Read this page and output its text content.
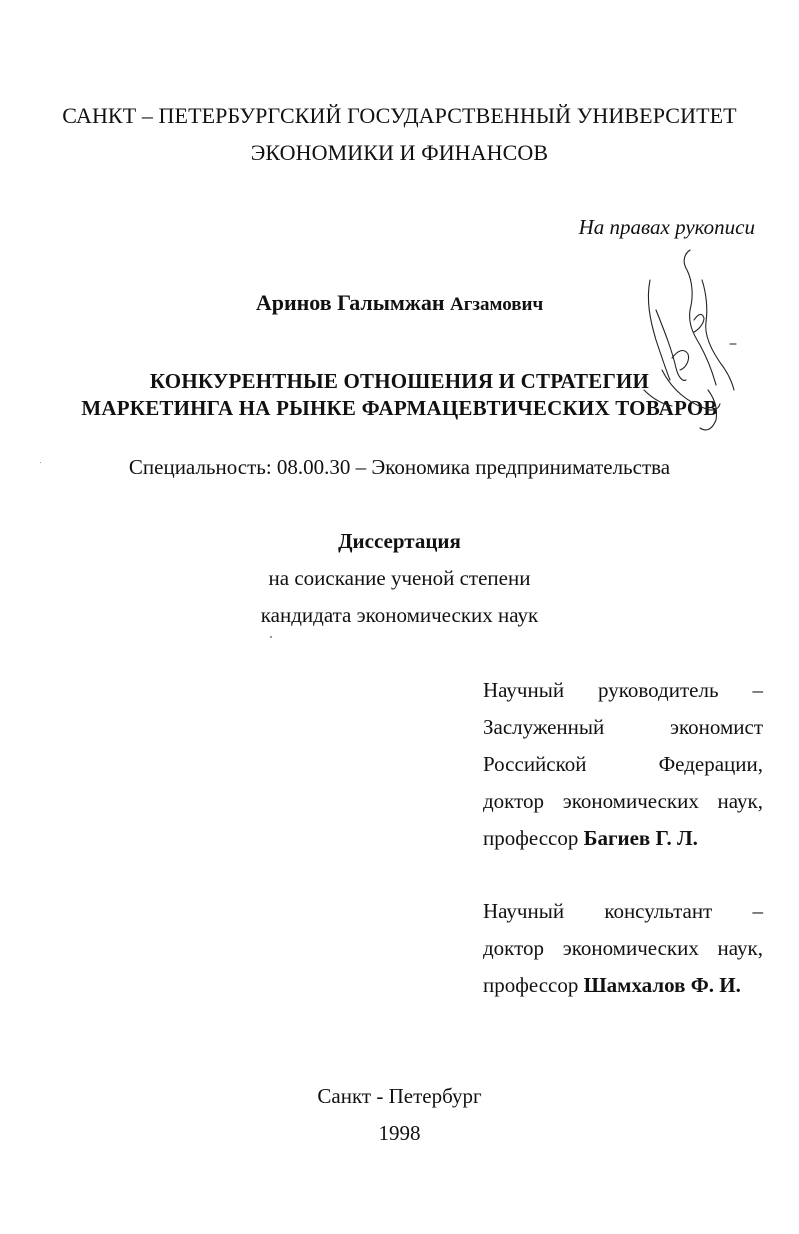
САНКТ – ПЕТЕРБУРГСКИЙ ГОСУДАРСТВЕННЫЙ УНИВЕРСИТЕТ
ЭКОНОМИКИ И ФИНАНСОВ
На правах рукописи
Аринов Галымжан Агзамович
КОНКУРЕНТНЫЕ ОТНОШЕНИЯ И СТРАТЕГИИ
МАРКЕТИНГА НА РЫНКЕ ФАРМАЦЕВТИЧЕСКИХ ТОВАРОВ
Специальность: 08.00.30 – Экономика предпринимательства
Диссертация
на соискание ученой степени
кандидата экономических наук
Научный руководитель –
Заслуженный	экономист
Российской	Федерации,
доктор экономических наук,
профессор Багиев Г. Л.
Научный консультант –
доктор экономических наук,
профессор Шамхалов Ф. И.
Санкт - Петербург
1998
